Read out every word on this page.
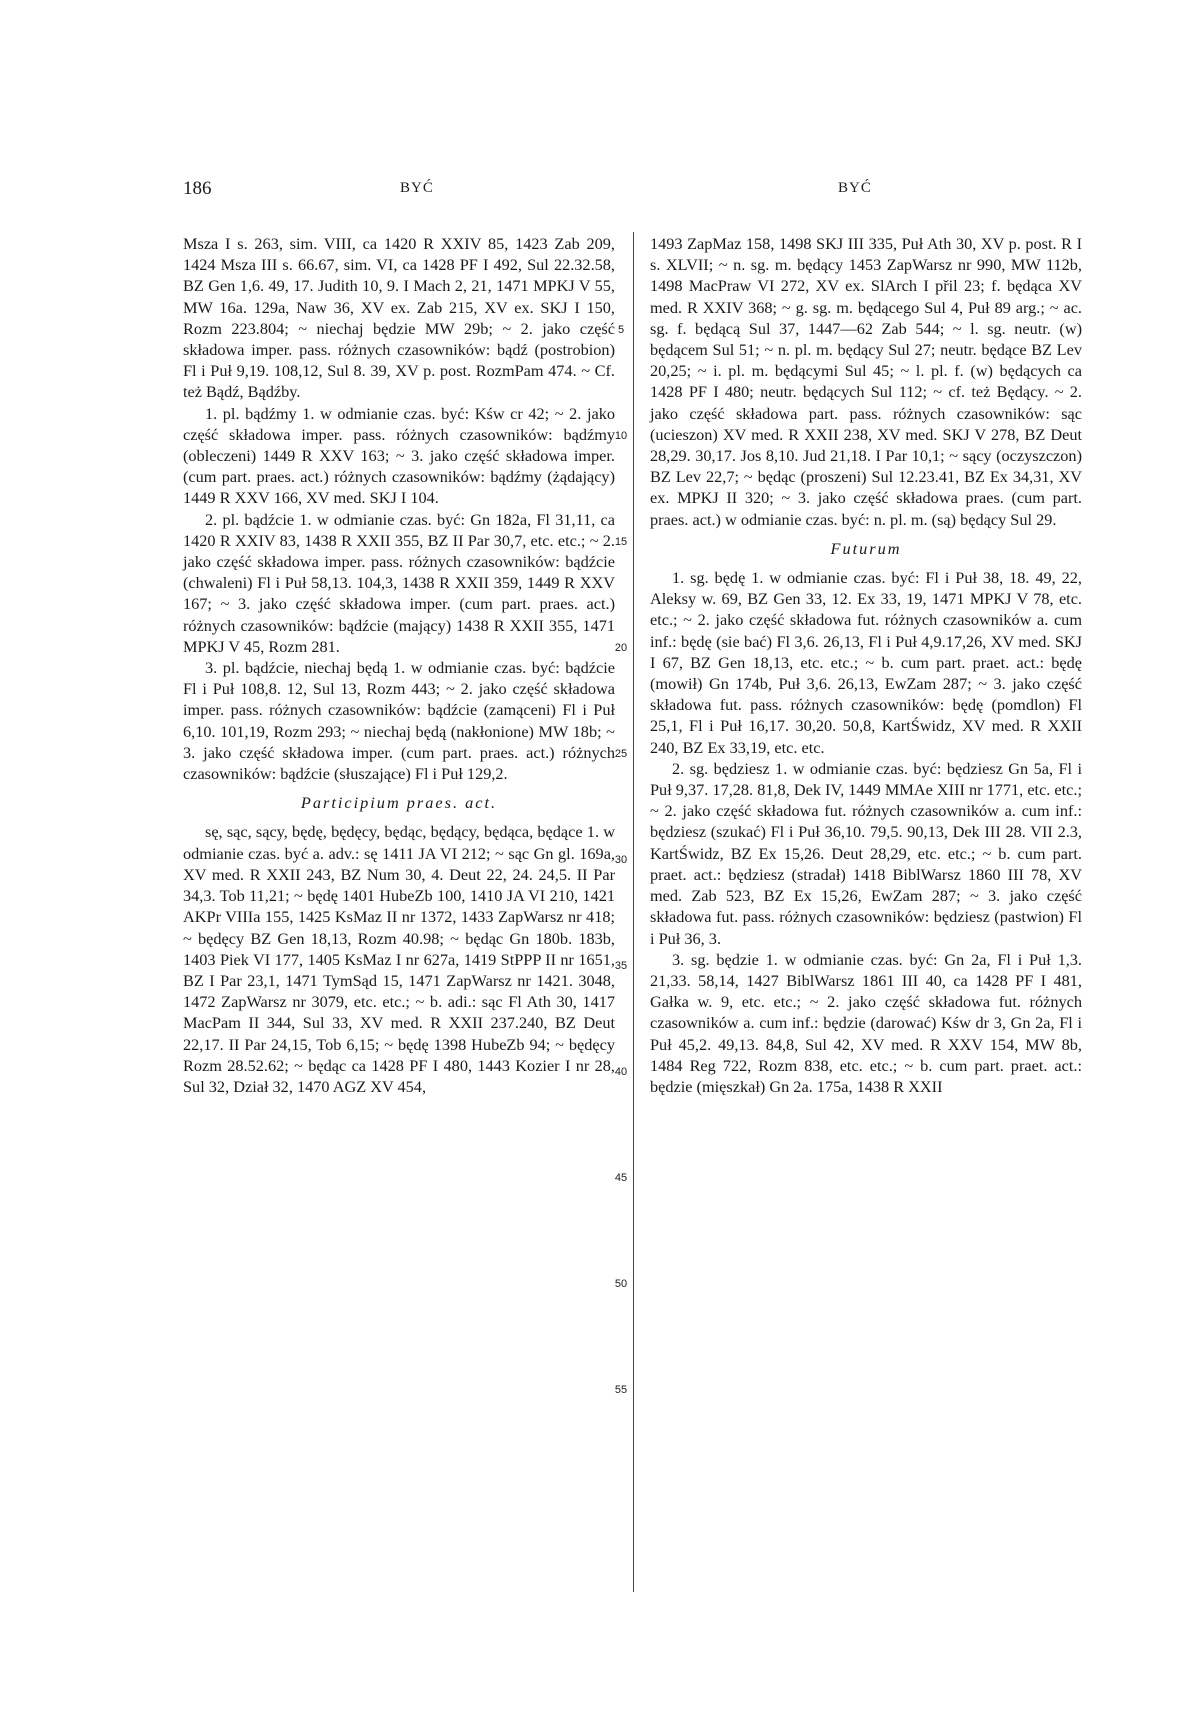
186	BYĆ	BYĆ

Msza I s. 263, sim. VIII, ca 1420 R XXIV 85, 1423 Zab 209, 1424 Msza III s. 66.67, sim. VI, ca 1428 PF I 492, Sul 22.32.58, BZ Gen 1,6. 49, 17. Judith 10, 9. I Mach 2, 21, 1471 MPKJ V 55, MW 16a. 129a, Naw 36, XV ex. Zab 215, XV ex. SKJ I 150, Rozm 223.804; ~ niechaj będzie MW 29b; ~ 2. jako część składowa imper. pass. różnych czasowników: bądź (postrobion) Fl i Puł 9,19. 108,12, Sul 8. 39, XV p. post. RozmPam 474. ~ Cf. też Bądź, Bądźby.

1. pl. bądźmy 1. w odmianie czas. być: Kśw cr 42; ~ 2. jako część składowa imper. pass. różnych czasowników: bądźmy (obleczeni) 1449 R XXV 163; ~ 3. jako część składowa imper. (cum part. praes. act.) różnych czasowników: bądźmy (żądający) 1449 R XXV 166, XV med. SKJ I 104.

2. pl. bądźcie 1. w odmianie czas. być: Gn 182a, Fl 31,11, ca 1420 R XXIV 83, 1438 R XXII 355, BZ II Par 30,7, etc. etc.; ~ 2. jako część składowa imper. pass. różnych czasowników: bądźcie (chwaleni) Fl i Puł 58,13. 104,3, 1438 R XXII 359, 1449 R XXV 167; ~ 3. jako część składowa imper. (cum part. praes. act.) różnych czasowników: bądźcie (mający) 1438 R XXII 355, 1471 MPKJ V 45, Rozm 281.

3. pl. bądźcie, niechaj będą 1. w odmianie czas. być: bądźcie Fl i Puł 108,8. 12, Sul 13, Rozm 443; ~ 2. jako część składowa imper. pass. różnych czasowników: bądźcie (zamąceni) Fl i Puł 6,10. 101,19, Rozm 293; ~ niechaj będą (nakłonione) MW 18b; ~ 3. jako część składowa imper. (cum part. praes. act.) różnych czasowników: bądźcie (słuszające) Fl i Puł 129,2.

Participium praes. act.

sę, sąc, sący, będę, będęcy, będąc, będący, będąca, będące 1. w odmianie czas. być a. adv.: sę 1411 JA VI 212; ~ sąc Gn gl. 169a, XV med. R XXII 243, BZ Num 30, 4. Deut 22, 24. 24,5. II Par 34,3. Tob 11,21; ~ będę 1401 HubeZb 100, 1410 JA VI 210, 1421 AKPr VIIIa 155, 1425 KsMaz II nr 1372, 1433 ZapWarsz nr 418; ~ będęcy BZ Gen 18,13, Rozm 40.98; ~ będąc Gn 180b. 183b, 1403 Piek VI 177, 1405 KsMaz I nr 627a, 1419 StPPP II nr 1651, BZ I Par 23,1, 1471 TymSąd 15, 1471 ZapWarsz nr 1421. 3048, 1472 ZapWarsz nr 3079, etc. etc.; ~ b. adi.: sąc Fl Ath 30, 1417 MacPam II 344, Sul 33, XV med. R XXII 237.240, BZ Deut 22,17. II Par 24,15, Tob 6,15; ~ będę 1398 HubeZb 94; ~ będęcy Rozm 28.52.62; ~ będąc ca 1428 PF I 480, 1443 Kozier I nr 28, Sul 32, Dział 32, 1470 AGZ XV 454,

5
10
15
20
25
30
35
40
45
50
55

1493 ZapMaz 158, 1498 SKJ III 335, Puł Ath 30, XV p. post. R I s. XLVII; ~ n. sg. m. będący 1453 ZapWarsz nr 990, MW 112b, 1498 MacPraw VI 272, XV ex. SlArch I přil 23; f. będąca XV med. R XXIV 368; ~ g. sg. m. będącego Sul 4, Puł 89 arg.; ~ ac. sg. f. będącą Sul 37, 1447—62 Zab 544; ~ l. sg. neutr. (w) będącem Sul 51; ~ n. pl. m. będący Sul 27; neutr. będące BZ Lev 20,25; ~ i. pl. m. będącymi Sul 45; ~ l. pl. f. (w) będących ca 1428 PF I 480; neutr. będących Sul 112; ~ cf. też Będący. ~ 2. jako część składowa part. pass. różnych czasowników: sąc (ucieszon) XV med. R XXII 238, XV med. SKJ V 278, BZ Deut 28,29. 30,17. Jos 8,10. Jud 21,18. I Par 10,1; ~ sący (oczyszczon) BZ Lev 22,7; ~ będąc (proszeni) Sul 12.23.41, BZ Ex 34,31, XV ex. MPKJ II 320; ~ 3. jako część składowa praes. (cum part. praes. act.) w odmianie czas. być: n. pl. m. (są) będący Sul 29.

Futurum

1. sg. będę 1. w odmianie czas. być: Fl i Puł 38, 18. 49, 22, Aleksy w. 69, BZ Gen 33, 12. Ex 33, 19, 1471 MPKJ V 78, etc. etc.; ~ 2. jako część składowa fut. różnych czasowników a. cum inf.: będę (sie bać) Fl 3,6. 26,13, Fl i Puł 4,9.17,26, XV med. SKJ I 67, BZ Gen 18,13, etc. etc.; ~ b. cum part. praet. act.: będę (mowił) Gn 174b, Puł 3,6. 26,13, EwZam 287; ~ 3. jako część składowa fut. pass. różnych czasowników: będę (pomdlon) Fl 25,1, Fl i Puł 16,17. 30,20. 50,8, KartŚwidz, XV med. R XXII 240, BZ Ex 33,19, etc. etc.

2. sg. będziesz 1. w odmianie czas. być: będziesz Gn 5a, Fl i Puł 9,37. 17,28. 81,8, Dek IV, 1449 MMAe XIII nr 1771, etc. etc.; ~ 2. jako część składowa fut. różnych czasowników a. cum inf.: będziesz (szukać) Fl i Puł 36,10. 79,5. 90,13, Dek III 28. VII 2.3, KartŚwidz, BZ Ex 15,26. Deut 28,29, etc. etc.; ~ b. cum part. praet. act.: będziesz (stradał) 1418 BiblWarsz 1860 III 78, XV med. Zab 523, BZ Ex 15,26, EwZam 287; ~ 3. jako część składowa fut. pass. różnych czasowników: będziesz (pastwion) Fl i Puł 36, 3.

3. sg. będzie 1. w odmianie czas. być: Gn 2a, Fl i Puł 1,3. 21,33. 58,14, 1427 BiblWarsz 1861 III 40, ca 1428 PF I 481, Gałka w. 9, etc. etc.; ~ 2. jako część składowa fut. różnych czasowników a. cum inf.: będzie (darować) Kśw dr 3, Gn 2a, Fl i Puł 45,2. 49,13. 84,8, Sul 42, XV med. R XXV 154, MW 8b, 1484 Reg 722, Rozm 838, etc. etc.; ~ b. cum part. praet. act.: będzie (mięszkał) Gn 2a. 175a, 1438 R XXII
